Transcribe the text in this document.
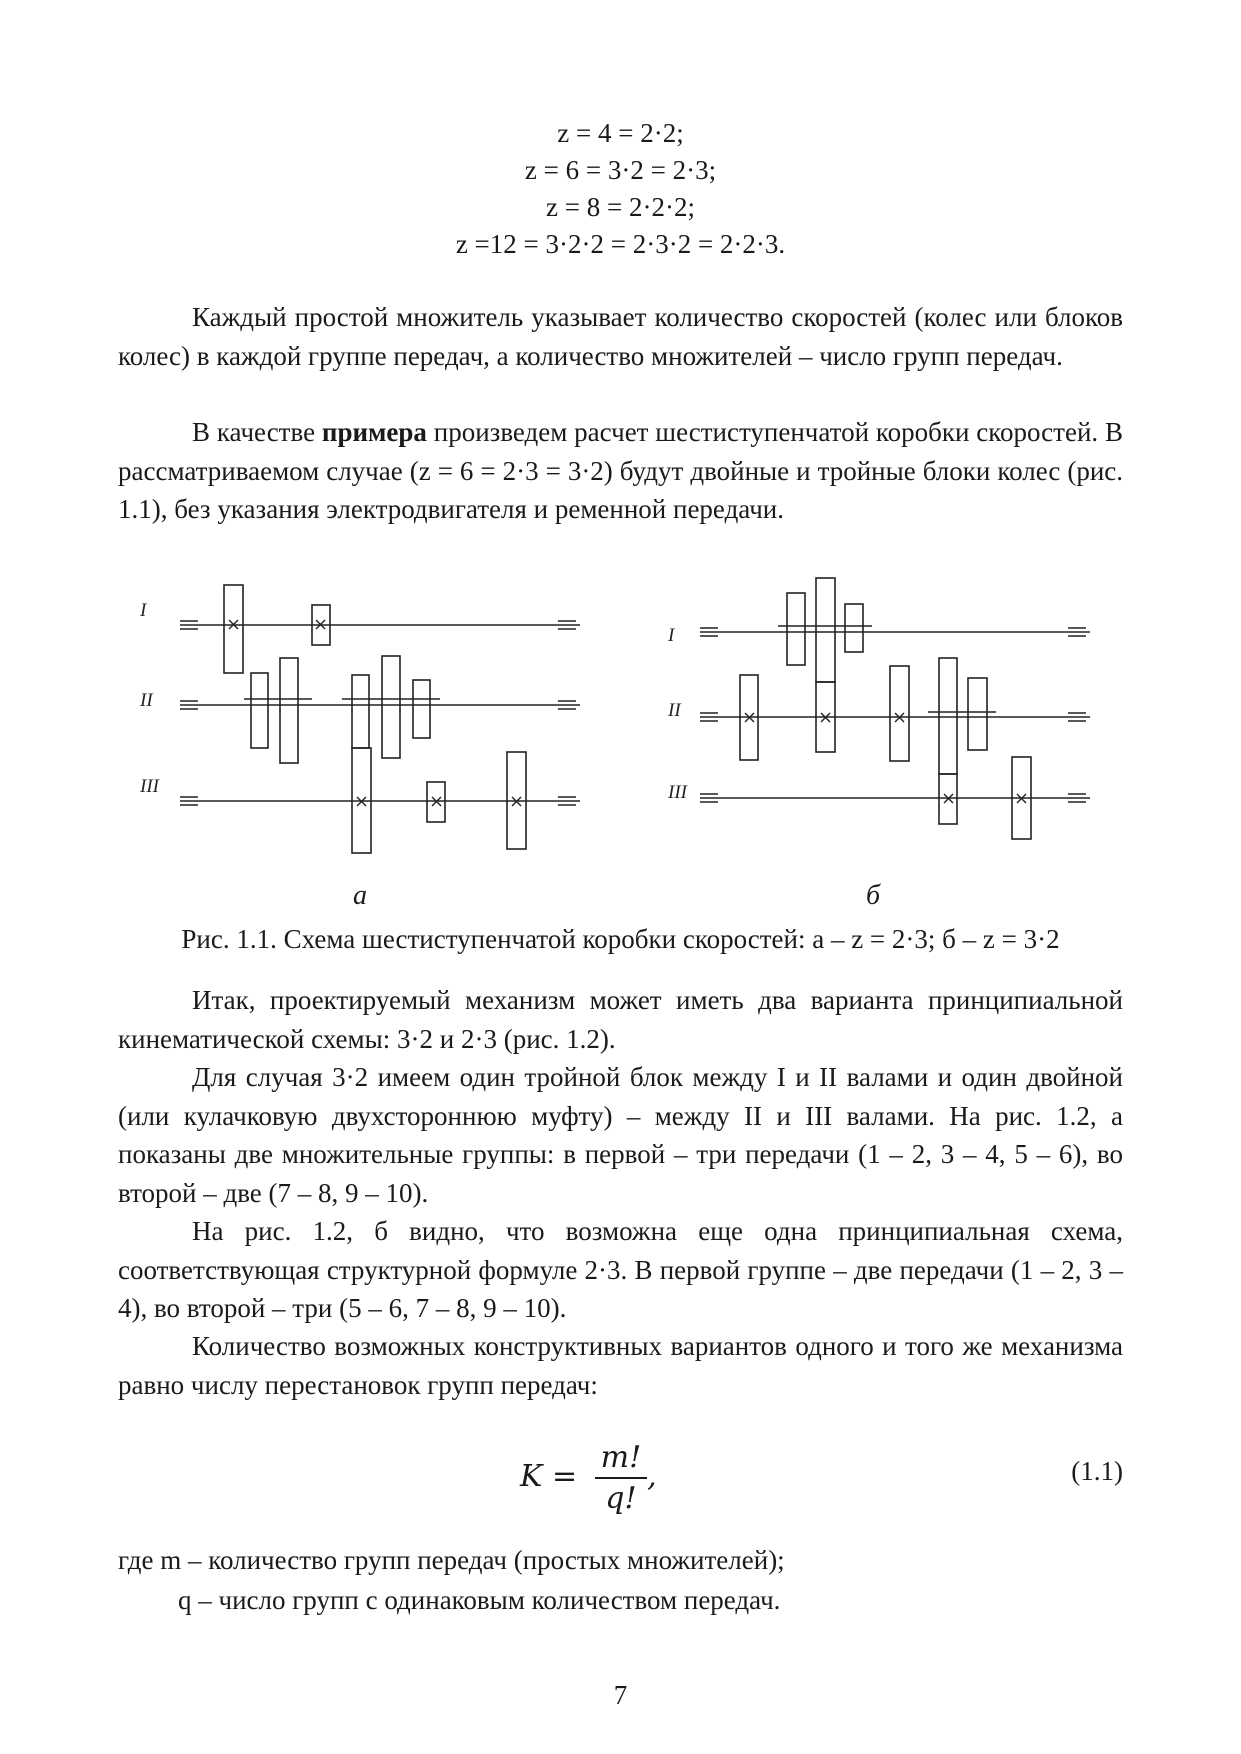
z = 4 = 2·2;
z = 6 = 3·2 = 2·3;
z = 8 = 2·2·2;
z =12 = 3·2·2 = 2·3·2 = 2·2·3.

Каждый простой множитель указывает количество скоростей (колес или блоков колес) в каждой группе передач, а количество множителей – число групп передач.

В качестве примера произведем расчет шестиступенчатой коробки скоростей. В рассматриваемом случае (z = 6 = 2·3 = 3·2) будут двойные и тройные блоки колес (рис. 1.1), без указания электродвигателя и ременной передачи.

I
II
III
I
II
III
а	б
Рис. 1.1. Схема шестиступенчатой коробки скоростей: а – z = 2·3; б – z = 3·2

Итак, проектируемый механизм может иметь два варианта принципиальной кинематической схемы: 3·2 и 2·3 (рис. 1.2).

Для случая 3·2 имеем один тройной блок между I и II валами и один двойной (или кулачковую двухстороннюю муфту) – между II и III валами. На рис. 1.2, а показаны две множительные группы: в первой – три передачи (1 – 2, 3 – 4, 5 – 6), во второй – две (7 – 8, 9 – 10).

На рис. 1.2, б видно, что возможна еще одна принципиальная схема, соответствующая структурной формуле 2·3. В первой группе – две передачи (1 – 2, 3 – 4), во второй – три (5 – 6, 7 – 8, 9 – 10).

Количество возможных конструктивных вариантов одного и того же механизма равно числу перестановок групп передач:

$K = \frac{m!}{q!}$ ,	(1.1)
где m – количество групп передач (простых множителей);
q – число групп с одинаковым количеством передач.
7
